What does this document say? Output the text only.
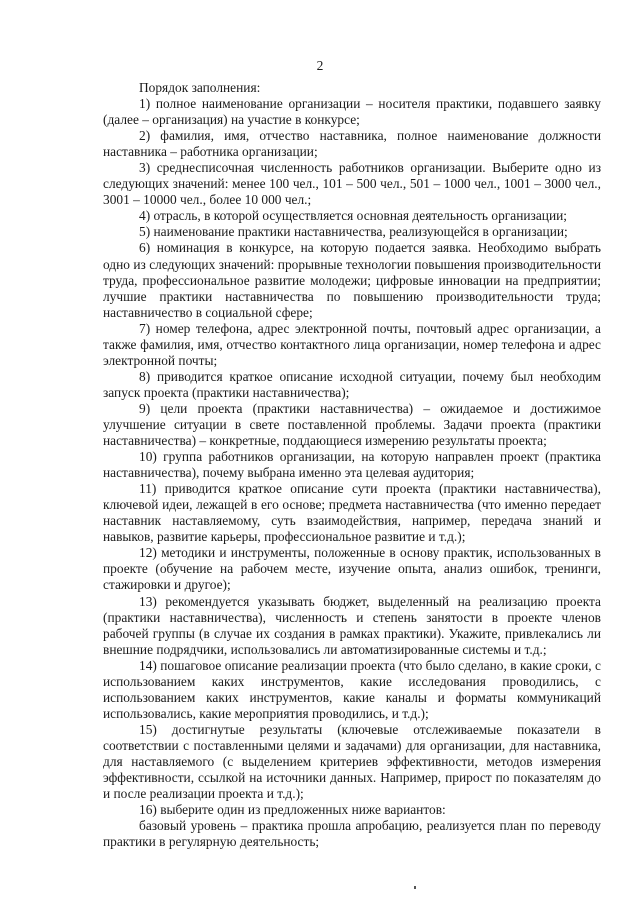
2

Порядок заполнения:

1) полное наименование организации – носителя практики, подавшего заявку (далее – организация) на участие в конкурсе;

2) фамилия, имя, отчество наставника, полное наименование должности наставника – работника организации;

3) среднесписочная численность работников организации. Выберите одно из следующих значений: менее 100 чел., 101 – 500 чел., 501 – 1000 чел., 1001 – 3000 чел., 3001 – 10000 чел., более 10 000 чел.;

4) отрасль, в которой осуществляется основная деятельность организации;

5) наименование практики наставничества, реализующейся в организации;

6) номинация в конкурсе, на которую подается заявка. Необходимо выбрать одно из следующих значений: прорывные технологии повышения производительности труда, профессиональное развитие молодежи; цифровые инновации на предприятии; лучшие практики наставничества по повышению производительности труда; наставничество в социальной сфере;

7) номер телефона, адрес электронной почты, почтовый адрес организации, а также фамилия, имя, отчество контактного лица организации, номер телефона и адрес электронной почты;

8) приводится краткое описание исходной ситуации, почему был необходим запуск проекта (практики наставничества);

9) цели проекта (практики наставничества) – ожидаемое и достижимое улучшение ситуации в свете поставленной проблемы. Задачи проекта (практики наставничества) – конкретные, поддающиеся измерению результаты проекта;

10) группа работников организации, на которую направлен проект (практика наставничества), почему выбрана именно эта целевая аудитория;

11) приводится краткое описание сути проекта (практики наставничества), ключевой идеи, лежащей в его основе; предмета наставничества (что именно передает наставник наставляемому, суть взаимодействия, например, передача знаний и навыков, развитие карьеры, профессиональное развитие и т.д.);

12) методики и инструменты, положенные в основу практик, использованных в проекте (обучение на рабочем месте, изучение опыта, анализ ошибок, тренинги, стажировки и другое);

13) рекомендуется указывать бюджет, выделенный на реализацию проекта (практики наставничества), численность и степень занятости в проекте членов рабочей группы (в случае их создания в рамках практики). Укажите, привлекались ли внешние подрядчики, использовались ли автоматизированные системы и т.д.;

14) пошаговое описание реализации проекта (что было сделано, в какие сроки, с использованием каких инструментов, какие исследования проводились, с использованием каких инструментов, какие каналы и форматы коммуникаций использовались, какие мероприятия проводились, и т.д.);

15) достигнутые результаты (ключевые отслеживаемые показатели в соответствии с поставленными целями и задачами) для организации, для наставника, для наставляемого (с выделением критериев эффективности, методов измерения эффективности, ссылкой на источники данных. Например, прирост по показателям до и после реализации проекта и т.д.);

16) выберите один из предложенных ниже вариантов:

базовый уровень – практика прошла апробацию, реализуется план по переводу практики в регулярную деятельность;
